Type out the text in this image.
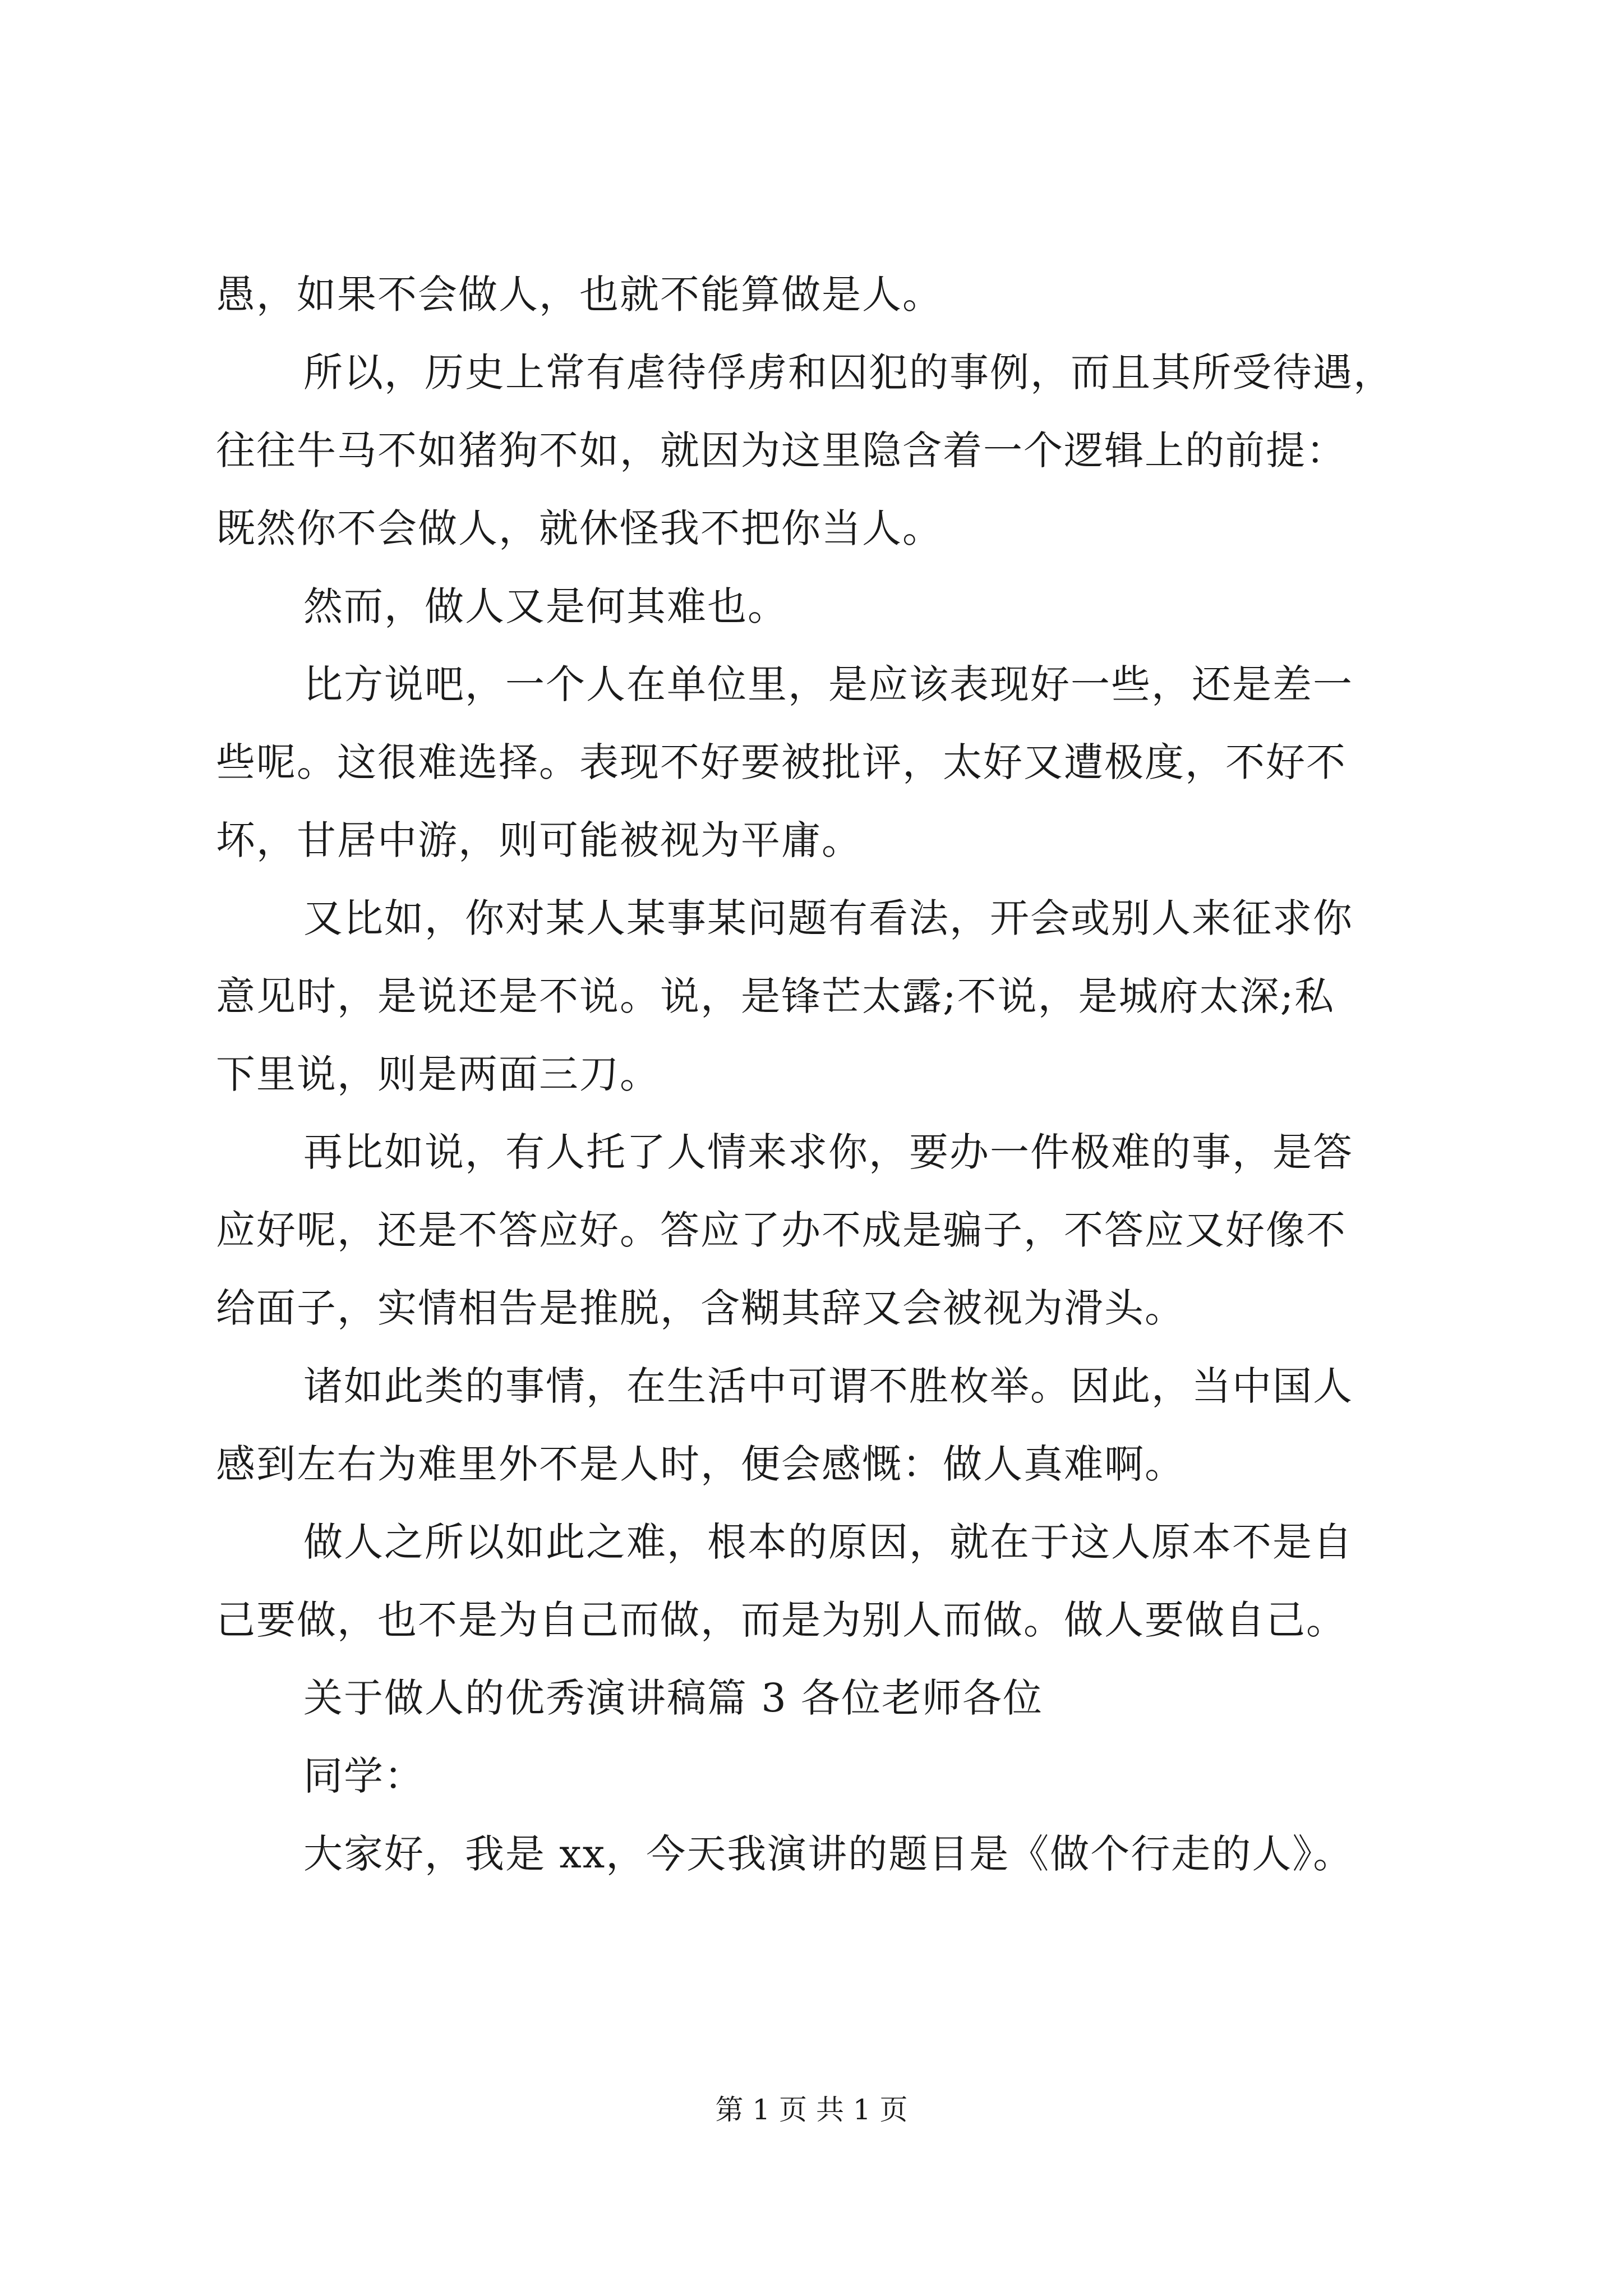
愚，如果不会做人，也就不能算做是人。
所以，历史上常有虐待俘虏和囚犯的事例，而且其所受待遇，
往往牛马不如猪狗不如，就因为这里隐含着一个逻辑上的前提：
既然你不会做人，就休怪我不把你当人。
然而，做人又是何其难也。
比方说吧，一个人在单位里，是应该表现好一些，还是差一
些呢。这很难选择。表现不好要被批评，太好又遭极度，不好不
坏，甘居中游，则可能被视为平庸。
又比如，你对某人某事某问题有看法，开会或别人来征求你
意见时，是说还是不说。说，是锋芒太露;不说，是城府太深;私
下里说，则是两面三刀。
再比如说，有人托了人情来求你，要办一件极难的事，是答
应好呢，还是不答应好。答应了办不成是骗子，不答应又好像不
给面子，实情相告是推脱，含糊其辞又会被视为滑头。
诸如此类的事情，在生活中可谓不胜枚举。因此，当中国人
感到左右为难里外不是人时，便会感慨：做人真难啊。
做人之所以如此之难，根本的原因，就在于这人原本不是自
己要做，也不是为自己而做，而是为别人而做。做人要做自己。
关于做人的优秀演讲稿篇 3 各位老师各位
同学：
大家好，我是 xx，今天我演讲的题目是《做个行走的人》。
第 1 页 共 1 页
